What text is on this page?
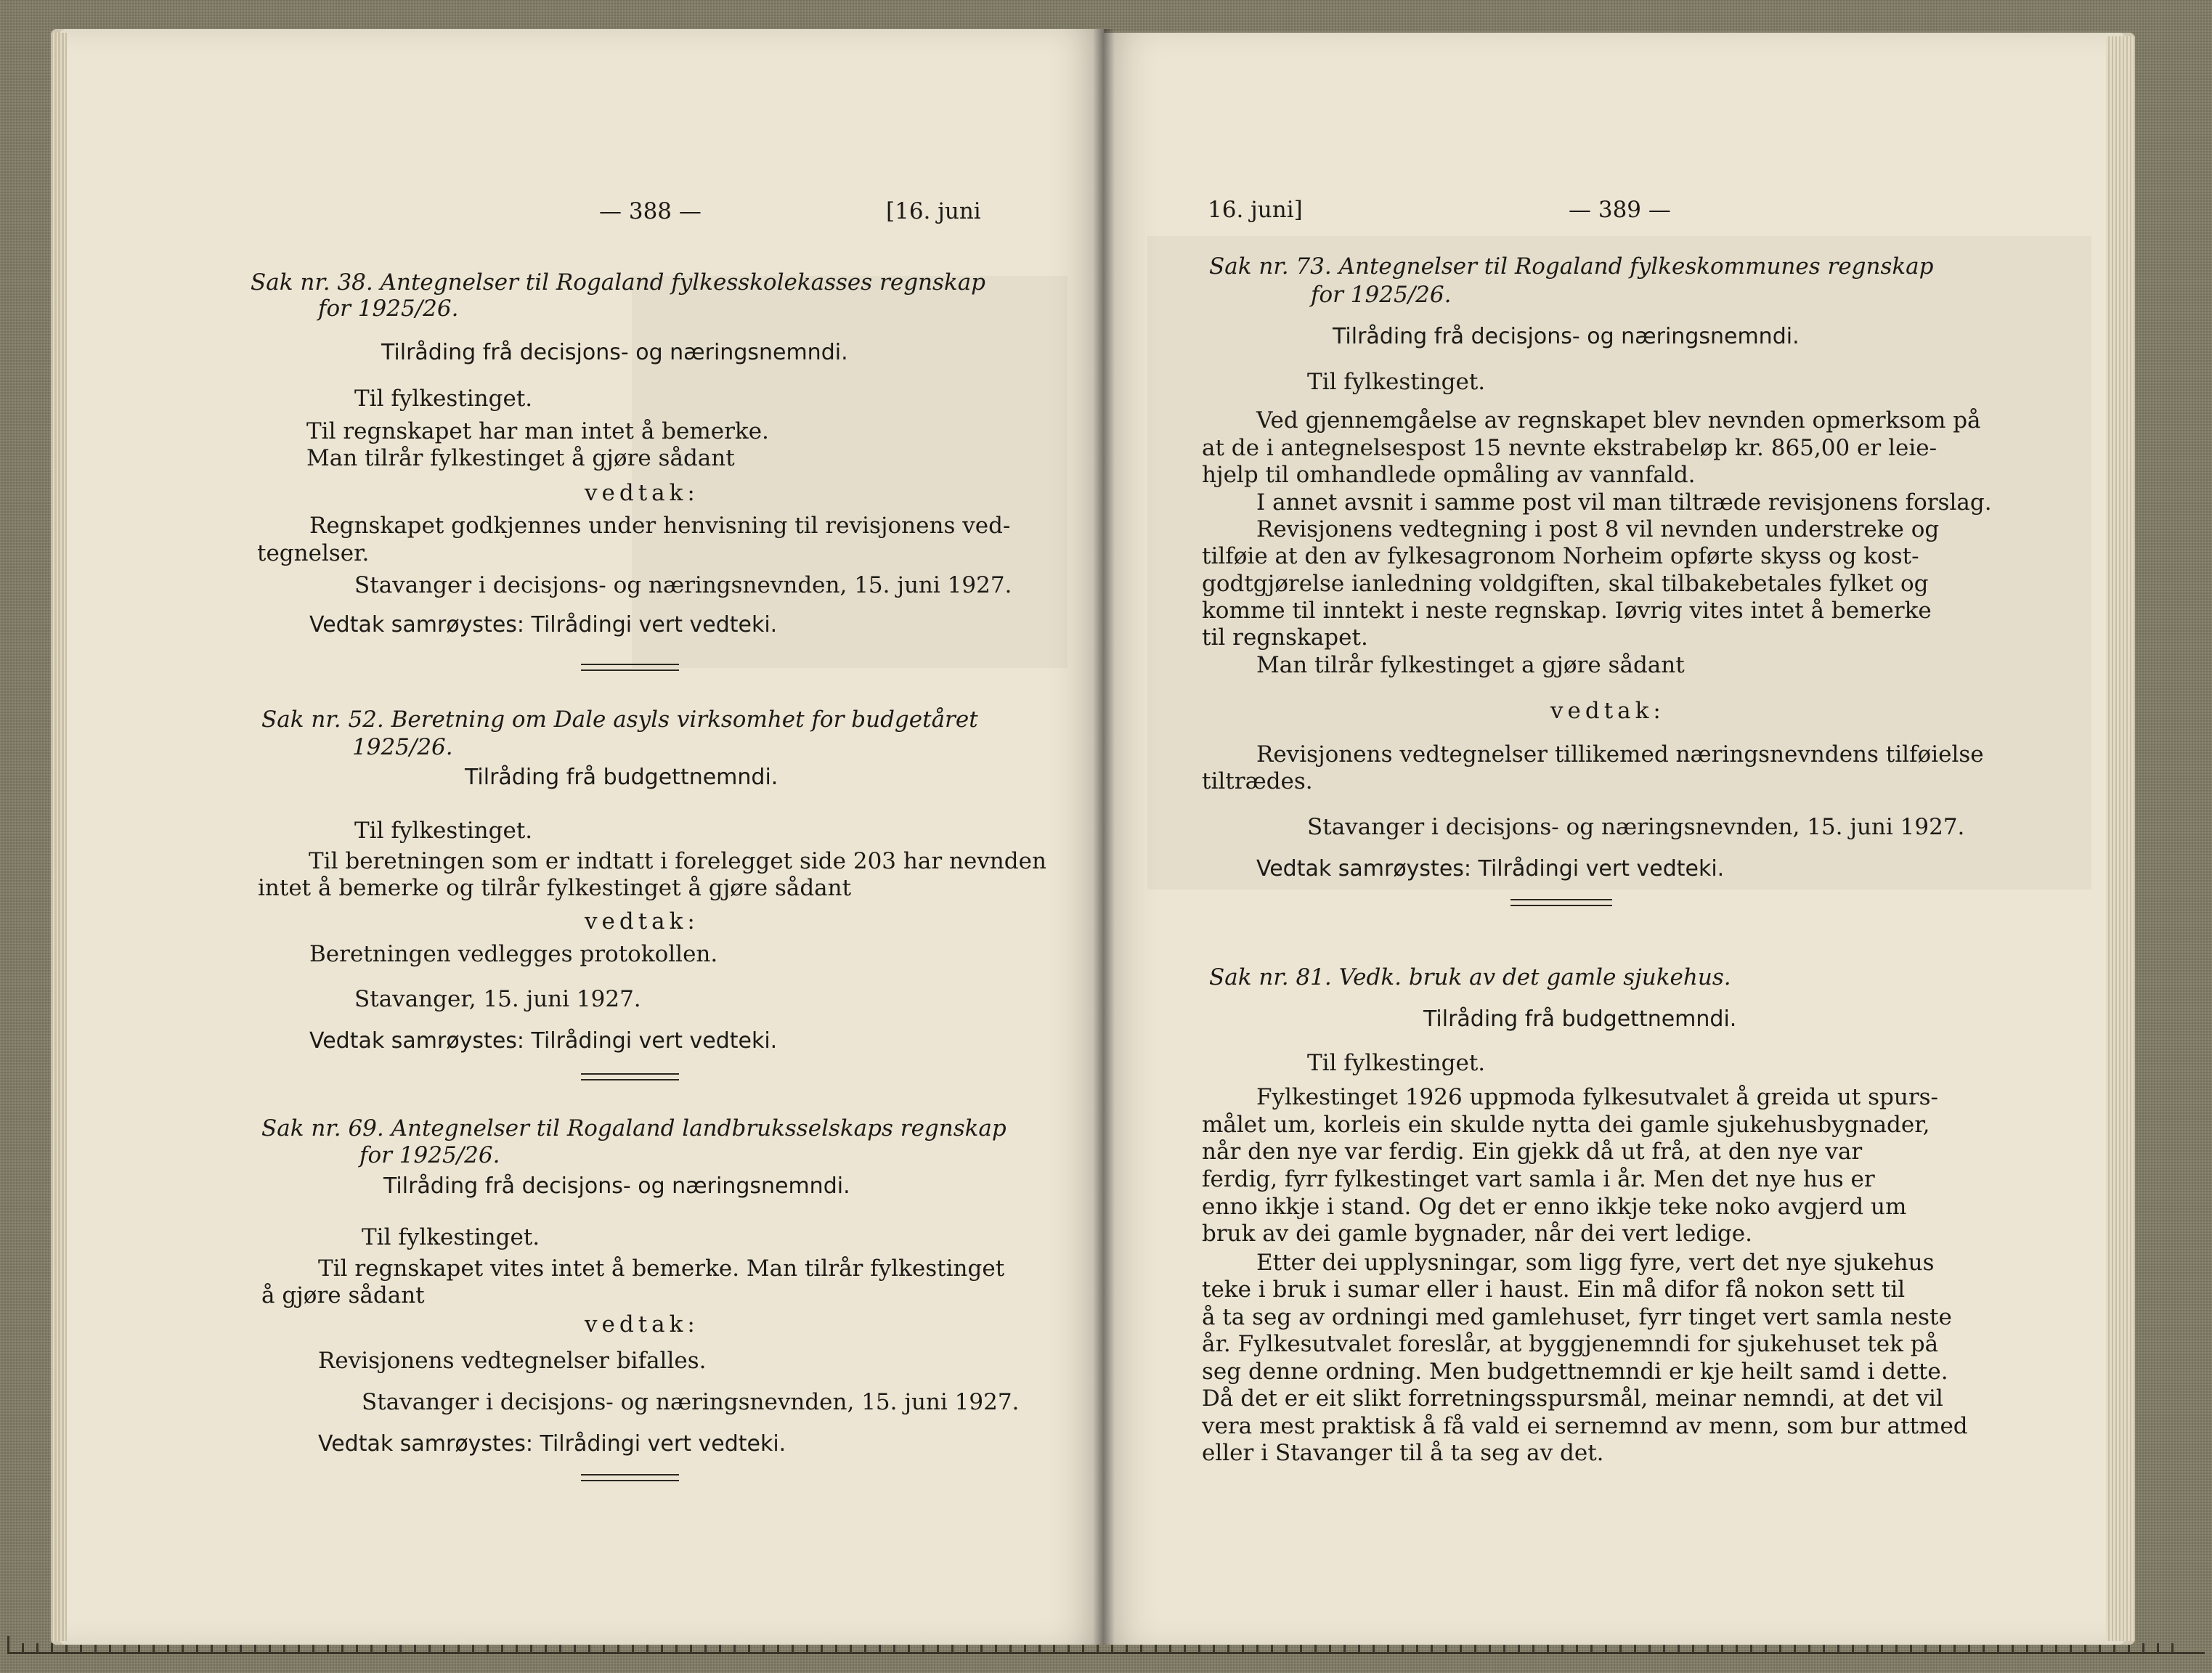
— 388 —	[16. juni
Sak nr. 38. Antegnelser til Rogaland fylkesskolekasses regnskap
for 1925/26.
Tilråding frå decisjons- og næringsnemndi.
Til fylkestinget.
Til regnskapet har man intet å bemerke.
Man tilrår fylkestinget å gjøre sådant
vedtak:
Regnskapet godkjennes under henvisning til revisjonens ved-
tegnelser.
Stavanger i decisjons- og næringsnevnden, 15. juni 1927.
Vedtak samrøystes: Tilrådingi vert vedteki.
Sak nr. 52. Beretning om Dale asyls virksomhet for budgetåret
1925/26.
Tilråding frå budgettnemndi.
Til fylkestinget.
Til beretningen som er indtatt i forelegget side 203 har nevnden
intet å bemerke og tilrår fylkestinget å gjøre sådant
vedtak:
Beretningen vedlegges protokollen.
Stavanger, 15. juni 1927.
Vedtak samrøystes: Tilrådingi vert vedteki.
Sak nr. 69. Antegnelser til Rogaland landbruksselskaps regnskap
for 1925/26.
Tilråding frå decisjons- og næringsnemndi.
Til fylkestinget.
Til regnskapet vites intet å bemerke. Man tilrår fylkestinget
å gjøre sådant
vedtak:
Revisjonens vedtegnelser bifalles.
Stavanger i decisjons- og næringsnevnden, 15. juni 1927.
Vedtak samrøystes: Tilrådingi vert vedteki.
16. juni]	— 389 —
Sak nr. 73. Antegnelser til Rogaland fylkeskommunes regnskap
for 1925/26.
Tilråding frå decisjons- og næringsnemndi.
Til fylkestinget.
Ved gjennemgåelse av regnskapet blev nevnden opmerksom på
at de i antegnelsespost 15 nevnte ekstrabeløp kr. 865,00 er leie-
hjelp til omhandlede opmåling av vannfald.
I annet avsnit i samme post vil man tiltræde revisjonens forslag.
Revisjonens vedtegning i post 8 vil nevnden understreke og
tilføie at den av fylkesagronom Norheim opførte skyss og kost-
godtgjørelse ianledning voldgiften, skal tilbakebetales fylket og
komme til inntekt i neste regnskap. Iøvrig vites intet å bemerke
til regnskapet.
Man tilrår fylkestinget a gjøre sådant
vedtak:
Revisjonens vedtegnelser tillikemed næringsnevndens tilføielse
tiltrædes.
Stavanger i decisjons- og næringsnevnden, 15. juni 1927.
Vedtak samrøystes: Tilrådingi vert vedteki.
Sak nr. 81. Vedk. bruk av det gamle sjukehus.
Tilråding frå budgettnemndi.
Til fylkestinget.
Fylkestinget 1926 uppmoda fylkesutvalet å greida ut spurs-
målet um, korleis ein skulde nytta dei gamle sjukehusbygnader,
når den nye var ferdig. Ein gjekk då ut frå, at den nye var
ferdig, fyrr fylkestinget vart samla i år. Men det nye hus er
enno ikkje i stand. Og det er enno ikkje teke noko avgjerd um
bruk av dei gamle bygnader, når dei vert ledige.
Etter dei upplysningar, som ligg fyre, vert det nye sjukehus
teke i bruk i sumar eller i haust. Ein må difor få nokon sett til
å ta seg av ordningi med gamlehuset, fyrr tinget vert samla neste
år. Fylkesutvalet foreslår, at byggjenemndi for sjukehuset tek på
seg denne ordning. Men budgettnemndi er kje heilt samd i dette.
Då det er eit slikt forretningsspursmål, meinar nemndi, at det vil
vera mest praktisk å få vald ei sernemnd av menn, som bur attmed
eller i Stavanger til å ta seg av det.
